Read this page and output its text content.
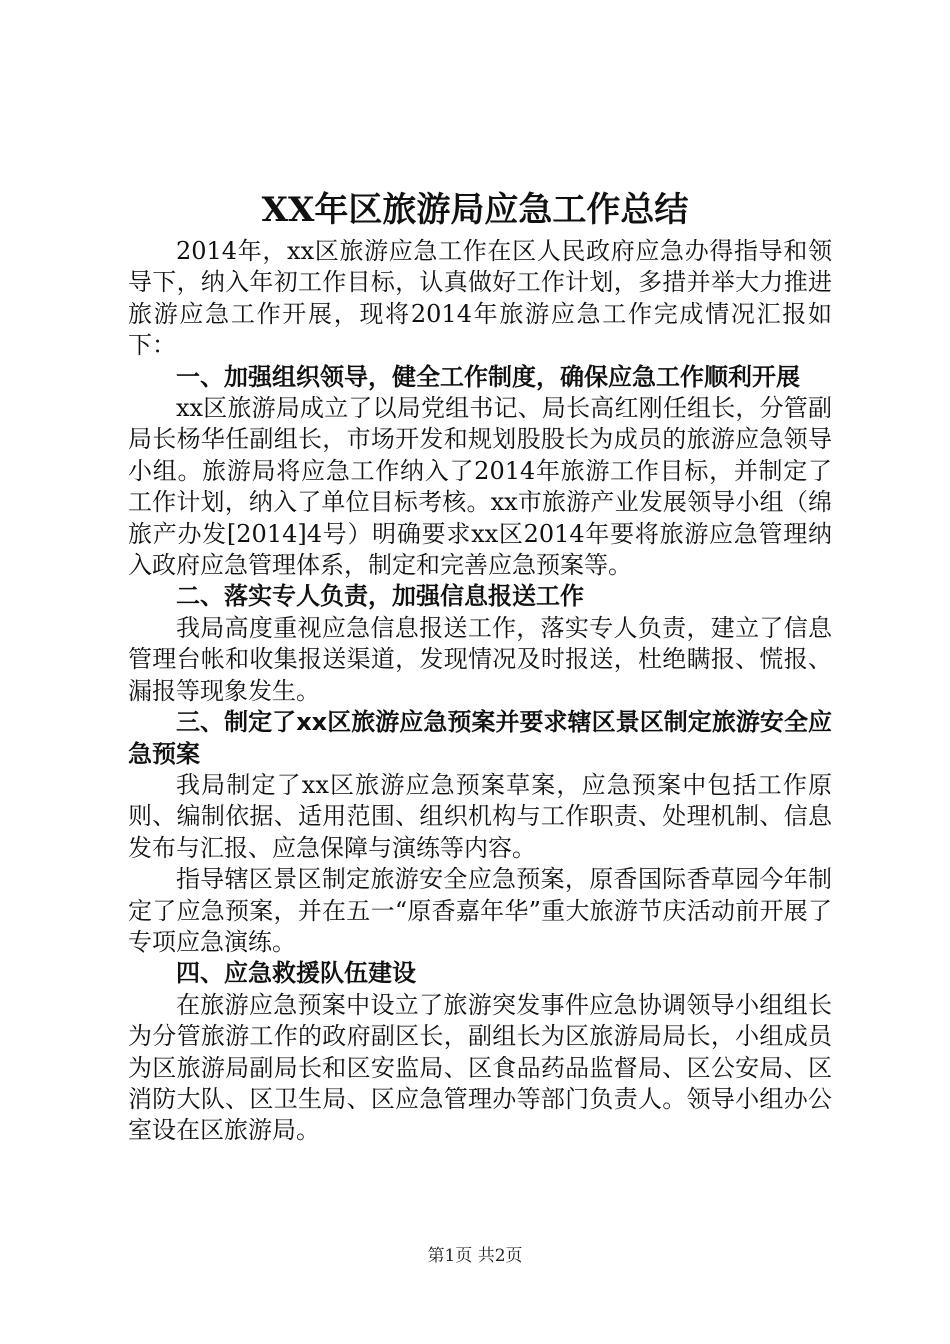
XX年区旅游局应急工作总结

2014年，xx区旅游应急工作在区人民政府应急办得指导和领导下，纳入年初工作目标，认真做好工作计划，多措并举大力推进旅游应急工作开展，现将2014年旅游应急工作完成情况汇报如下：

一、加强组织领导，健全工作制度，确保应急工作顺利开展

xx区旅游局成立了以局党组书记、局长高红刚任组长，分管副局长杨华任副组长，市场开发和规划股股长为成员的旅游应急领导小组。旅游局将应急工作纳入了2014年旅游工作目标，并制定了工作计划，纳入了单位目标考核。xx市旅游产业发展领导小组（绵旅产办发[2014]4号）明确要求xx区2014年要将旅游应急管理纳入政府应急管理体系，制定和完善应急预案等。

二、落实专人负责，加强信息报送工作

我局高度重视应急信息报送工作，落实专人负责，建立了信息管理台帐和收集报送渠道，发现情况及时报送，杜绝瞒报、慌报、漏报等现象发生。

三、制定了xx区旅游应急预案并要求辖区景区制定旅游安全应急预案

我局制定了xx区旅游应急预案草案，应急预案中包括工作原则、编制依据、适用范围、组织机构与工作职责、处理机制、信息发布与汇报、应急保障与演练等内容。

指导辖区景区制定旅游安全应急预案，原香国际香草园今年制定了应急预案，并在五一“原香嘉年华”重大旅游节庆活动前开展了专项应急演练。

四、应急救援队伍建设

在旅游应急预案中设立了旅游突发事件应急协调领导小组组长为分管旅游工作的政府副区长，副组长为区旅游局局长，小组成员为区旅游局副局长和区安监局、区食品药品监督局、区公安局、区消防大队、区卫生局、区应急管理办等部门负责人。领导小组办公室设在区旅游局。

第1页 共2页
